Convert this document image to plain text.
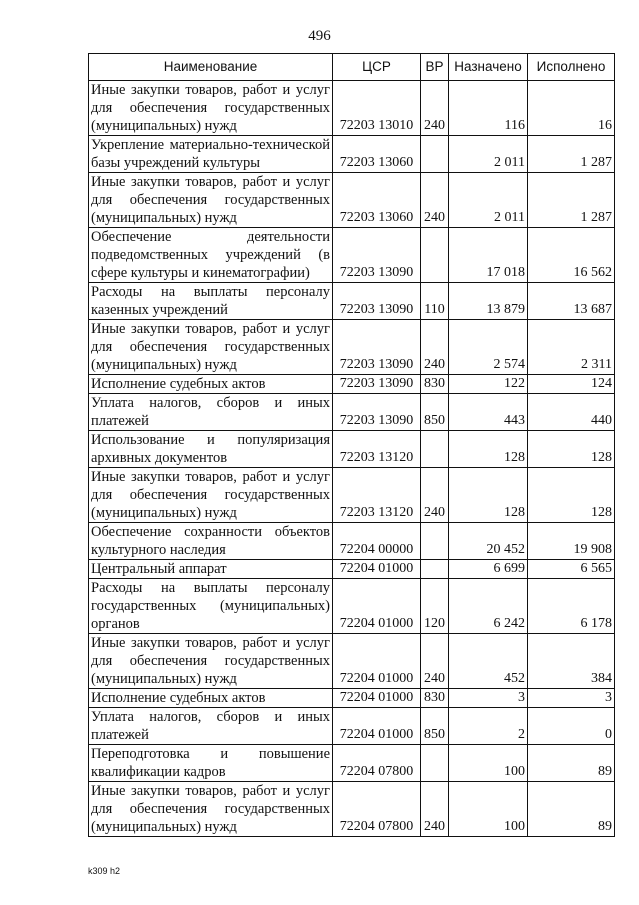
496
Наименование	ЦСР	ВР	Назначено	Исполнено
Иные закупки товаров, работ и услуг для обеспечения государственных (муниципальных) нужд	72203 13010	240	116	16
Укрепление материально-технической базы учреждений культуры	72203 13060		2 011	1 287
Иные закупки товаров, работ и услуг для обеспечения государственных (муниципальных) нужд	72203 13060	240	2 011	1 287
Обеспечение деятельности подведомственных учреждений (в сфере культуры и кинематографии)	72203 13090		17 018	16 562
Расходы на выплаты персоналу казенных учреждений	72203 13090	110	13 879	13 687
Иные закупки товаров, работ и услуг для обеспечения государственных (муниципальных) нужд	72203 13090	240	2 574	2 311
Исполнение судебных актов	72203 13090	830	122	124
Уплата налогов, сборов и иных платежей	72203 13090	850	443	440
Использование и популяризация архивных документов	72203 13120		128	128
Иные закупки товаров, работ и услуг для обеспечения государственных (муниципальных) нужд	72203 13120	240	128	128
Обеспечение сохранности объектов культурного наследия	72204 00000		20 452	19 908
Центральный аппарат	72204 01000		6 699	6 565
Расходы на выплаты персоналу государственных (муниципальных) органов	72204 01000	120	6 242	6 178
Иные закупки товаров, работ и услуг для обеспечения государственных (муниципальных) нужд	72204 01000	240	452	384
Исполнение судебных актов	72204 01000	830	3	3
Уплата налогов, сборов и иных платежей	72204 01000	850	2	0
Переподготовка и повышение квалификации кадров	72204 07800		100	89
Иные закупки товаров, работ и услуг для обеспечения государственных (муниципальных) нужд	72204 07800	240	100	89
k309 h2
